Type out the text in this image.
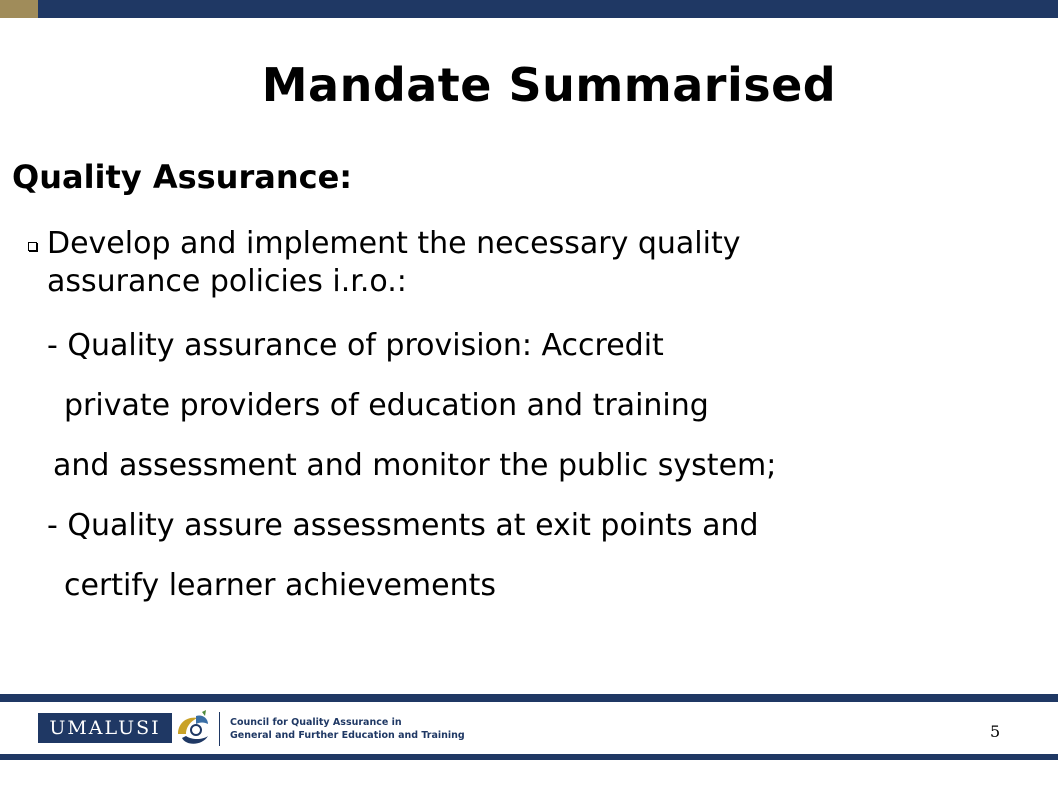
Mandate Summarised
Quality Assurance:
Develop and implement the necessary quality
assurance policies i.r.o.:
- Quality assurance of provision: Accredit
private providers of education and training
and assessment and monitor the public system;
- Quality assure assessments at exit points and
certify learner achievements
UMALUSI	Council for Quality Assurance in
General and Further Education and Training	5
